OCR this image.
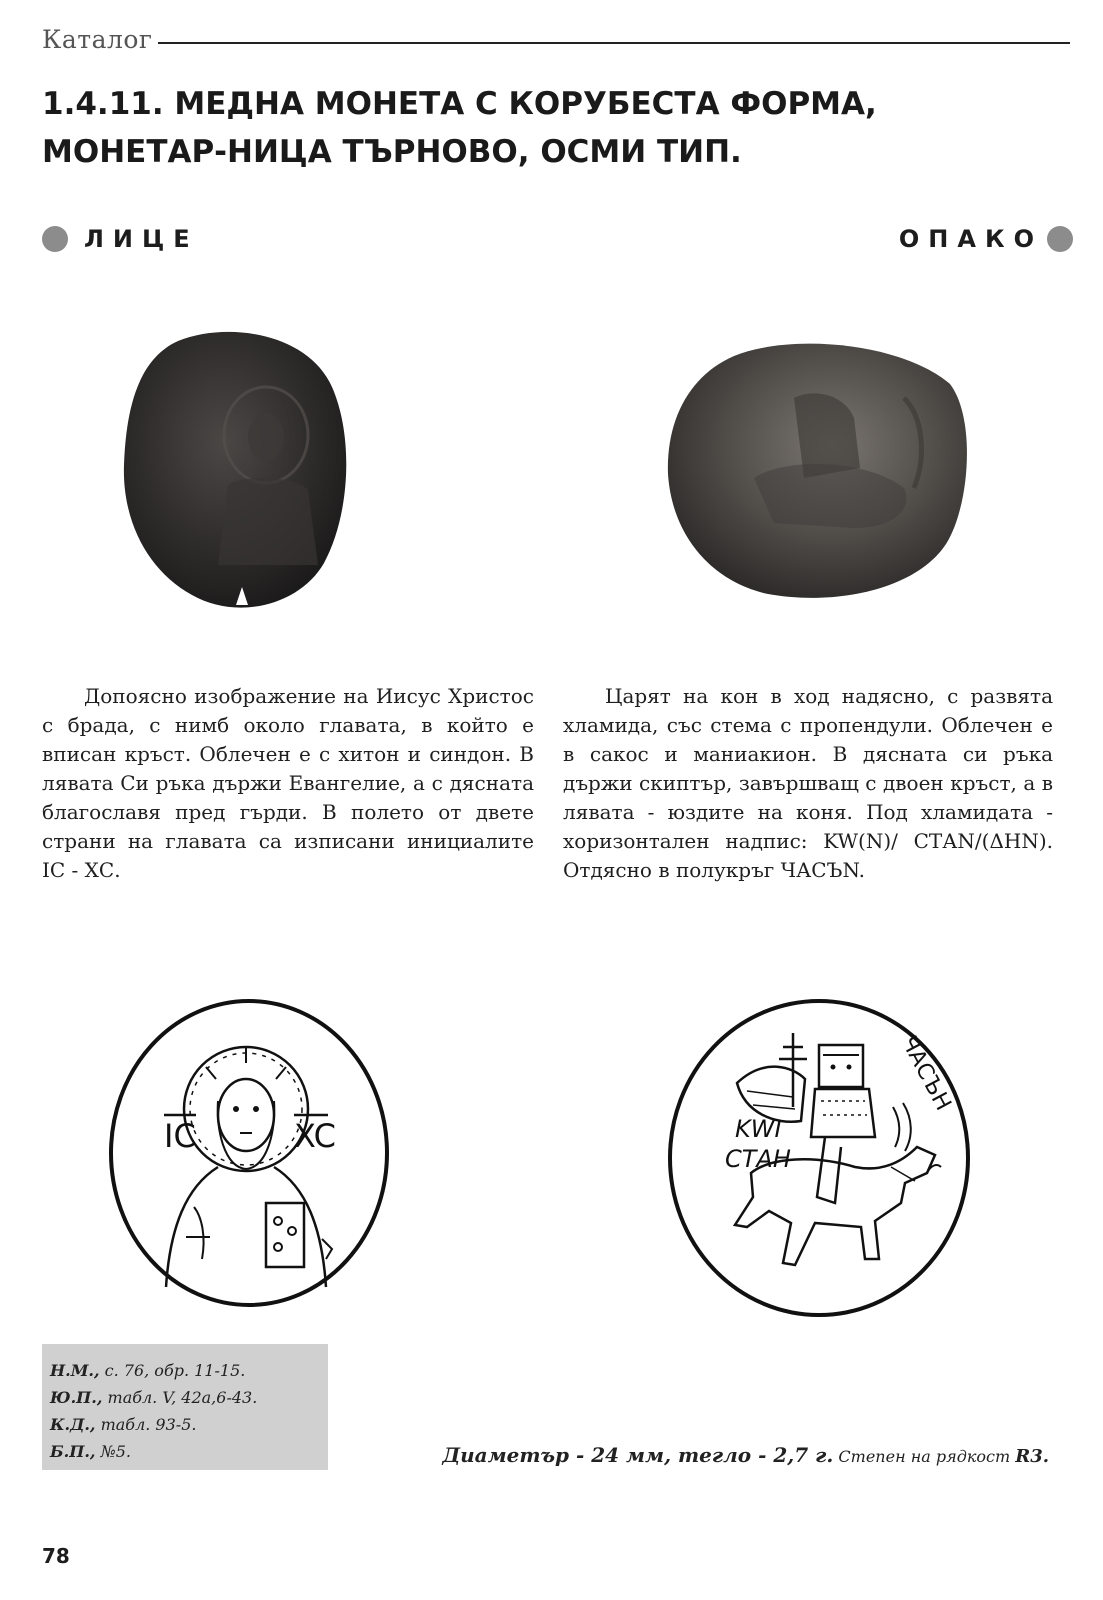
Каталог
1.4.11. МЕДНА МОНЕТА С КОРУБЕСТА ФОРМА, МОНЕТАР-НИЦА ТЪРНОВО, ОСМИ ТИП.
ЛИЦЕ	ОПАКО

Допоясно изображение на Иисус Христос с брада, с нимб около главата, в който е вписан кръст. Облечен е с хитон и синдон. В лявата Си ръка държи Евангелие, а с дясната благославя пред гърди. В полето от двете страни на главата са изписани инициалите ІС - ХС.

Царят на кон в ход надясно, с развята хламида, със стема с пропендули. Облечен е в сакос и маниакион. В дясната си ръка държи скиптър, завършващ с двоен кръст, а в лявата - юздите на коня. Под хламидата - хоризонтален надпис: KW(N)/ СТАN/(ΔHN). Отдясно в полукръг ЧАСЪN.

IC	XC	KWI
СТАН
ЧАСЪН
Н.М., с. 76, обр. 11-15.
Ю.П., табл. V, 42а,6-43.
К.Д., табл. 93-5.
Б.П., №5.	Диаметър - 24 мм, тегло - 2,7 г. Степен на рядкост R3.
78
